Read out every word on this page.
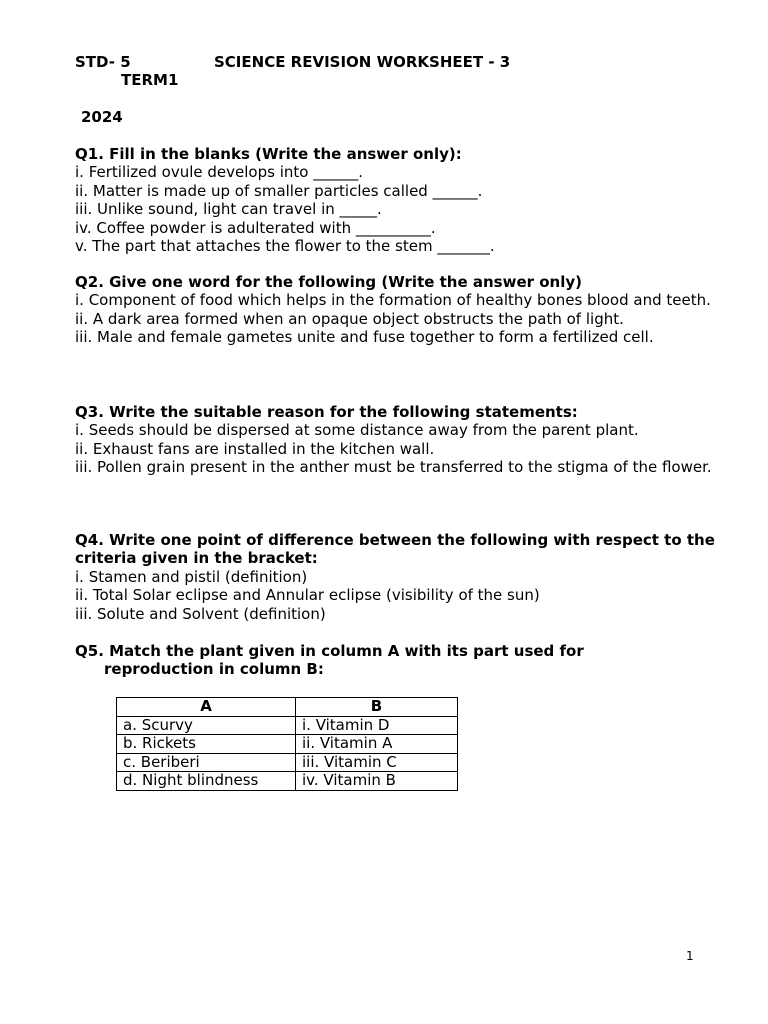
STD- 5	SCIENCE REVISION WORKSHEET - 3
TERM1
2024

Q1. Fill in the blanks (Write the answer only):

i. Fertilized ovule develops into ______.

ii. Matter is made up of smaller particles called ______.

iii. Unlike sound, light can travel in _____.

iv. Coffee powder is adulterated with __________.

v. The part that attaches the flower to the stem _______.

Q2. Give one word for the following (Write the answer only)

i. Component of food which helps in the formation of healthy bones blood and teeth.

ii. A dark area formed when an opaque object obstructs the path of light.

iii. Male and female gametes unite and fuse together to form a fertilized cell.

Q3. Write the suitable reason for the following statements:

i. Seeds should be dispersed at some distance away from the parent plant.

ii. Exhaust fans are installed in the kitchen wall.

iii. Pollen grain present in the anther must be transferred to the stigma of the flower.

Q4. Write one point of difference between the following with respect to the criteria given in the bracket:

i. Stamen and pistil (definition)

ii. Total Solar eclipse and Annular eclipse (visibility of the sun)

iii. Solute and Solvent (definition)

Q5. Match the plant given in column A with its part used for

reproduction in column B:

A	B
a. Scurvy	i. Vitamin D
b. Rickets	ii. Vitamin A
c. Beriberi	iii. Vitamin C
d. Night blindness	iv. Vitamin B
1
